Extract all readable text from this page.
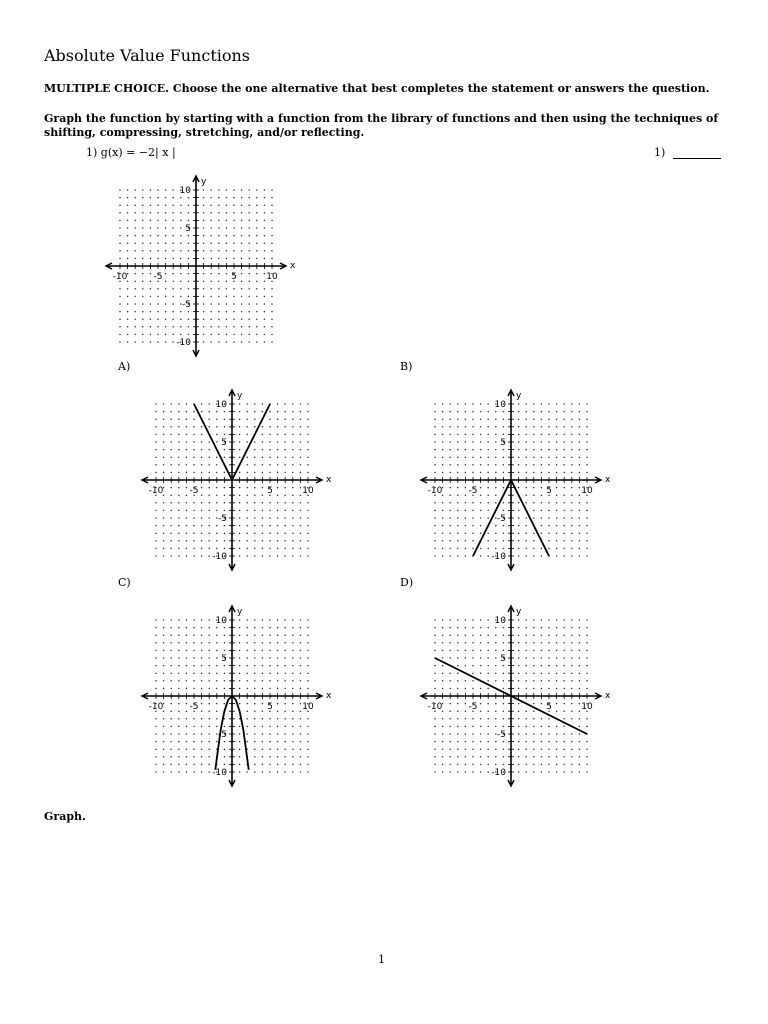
Absolute Value Functions
MULTIPLE CHOICE. Choose the one alternative that best completes the statement or answers the question.
Graph the function by starting with a function from the library of functions and then using the techniques of shifting, compressing, stretching, and/or reflecting.
1) g(x) = −2| x |	1)
-10	-5	5	10
10
5
-5
-10
x
y
A)
-10	-5	5	10
10
5
-5
-10
x
y
B)
-10	-5	5	10
10
5
-5
-10
x
y
C)
-10	-5	5	10
10
5
-5
-10
x
y
D)
-10	-5	5	10
10
5
-5
-10
x
y
Graph.
1
